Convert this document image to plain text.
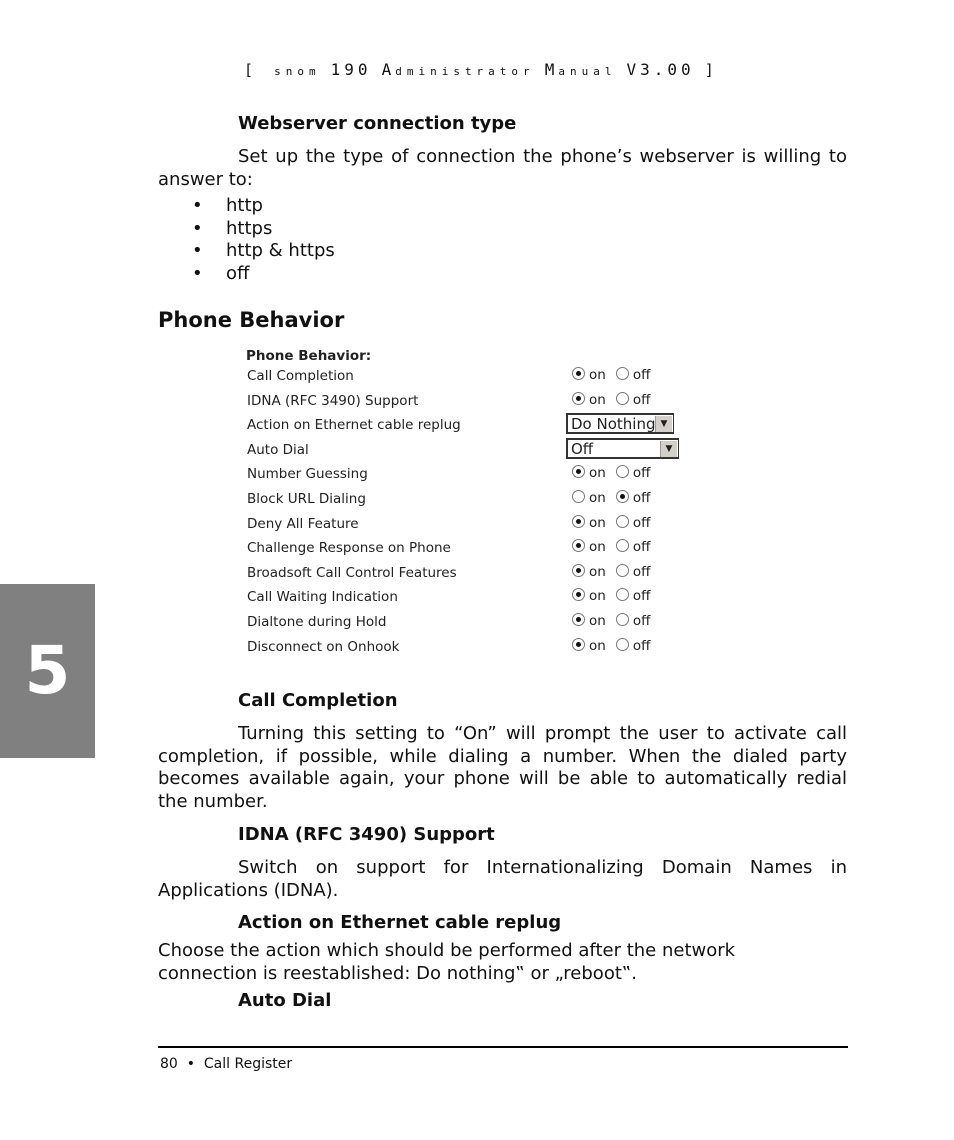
[ snom 190 Administrator Manual V3.00 ]
Webserver connection type
Set up the type of connection the phone’s webserver is willing to answer to:
• http
• https
• http & https
• off
Phone Behavior
Phone Behavior:
Call Completion	on off
IDNA (RFC 3490) Support	on off
Action on Ethernet cable replug	Do Nothing ▼
Auto Dial	Off	▼
Number Guessing	on off
Block URL Dialing	on off
Deny All Feature	on off
Challenge Response on Phone	on off
Broadsoft Call Control Features	on off
Call Waiting Indication	on off
Dialtone during Hold	on off
Disconnect on Onhook	on off
Call Completion
Turning this setting to “On” will prompt the user to activate call completion, if possible, while dialing a number. When the dialed party becomes available again, your phone will be able to automatically redial the number.
IDNA (RFC 3490) Support
Switch on support for Internationalizing Domain Names in Applications (IDNA).
Action on Ethernet cable replug
Choose the action which should be performed after the network
connection is reestablished: Do nothing‟ or „reboot‟.
Auto Dial
5
80 • Call Register
